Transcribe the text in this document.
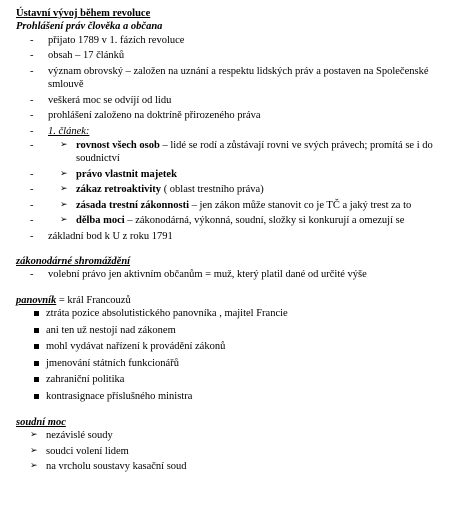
Ústavní vývoj během revoluce
Prohlášení práv člověka a občana
- přijato 1789 v 1. fázích revoluce
- obsah – 17 článků
- význam obrovský – založen na uznání a respektu lidských práv a postaven na Společenské smlouvě
- veškerá moc se odvíjí od lidu
- prohlášení založeno na doktríně přirozeného práva
- 1. článek:
- ➢ rovnost všech osob – lidé se rodí a zůstávají rovni ve svých právech; promítá se i do soudnictví
- ➢ právo vlastnit majetek
- ➢ zákaz retroaktivity ( oblast trestního práva)
- ➢ zásada trestní zákonnosti – jen zákon může stanovit co je TČ a jaký trest za to
- ➢ dělba moci – zákonodárná, výkonná, soudní, složky si konkurují a omezují se
- základní bod k U z roku 1791
zákonodárné shromáždění
- volební právo jen aktivním občanům = muž, který platil dané od určité výše
panovník = král Francouzů
ztráta pozice absolutistického panovníka , majitel Francie
ani ten už nestojí nad zákonem
mohl vydávat nařízení k provádění zákonů
jmenování státních funkcionářů
zahraniční politika
kontrasignace příslušného ministra
soudní moc
➢ nezávislé soudy
➢ soudci volení lidem
➢ na vrcholu soustavy kasační soud
